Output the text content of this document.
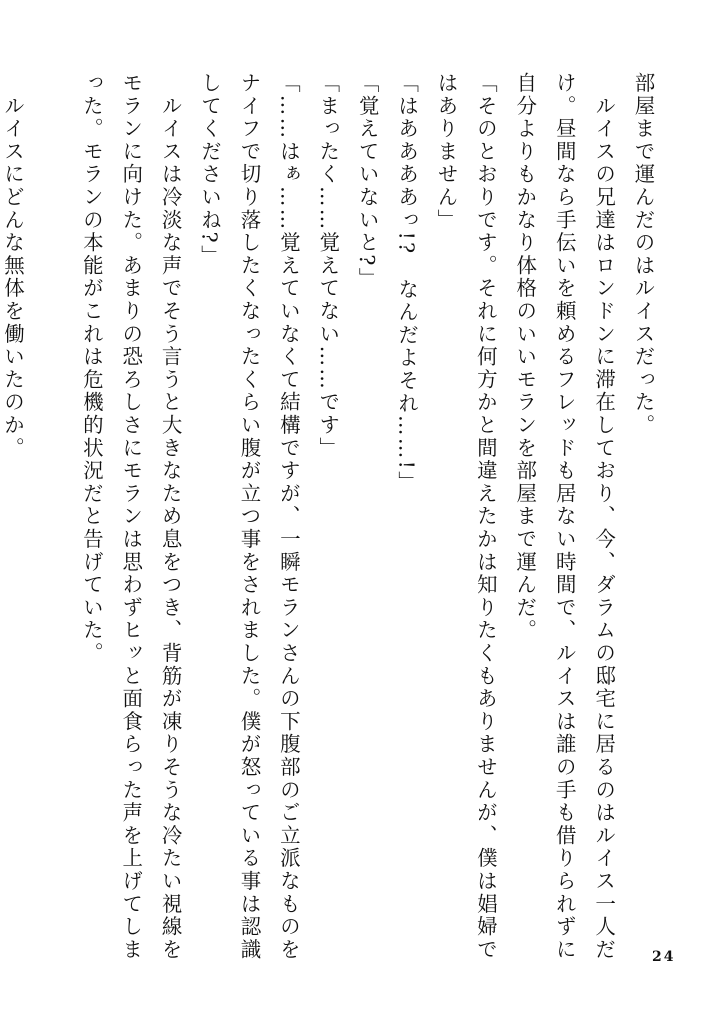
部屋まで運んだのはルイスだった。
　ルイスの兄達はロンドンに滞在しており、今、ダラムの邸宅に居るのはルイス一人だ
け。昼間なら手伝いを頼めるフレッドも居ない時間で、ルイスは誰の手も借りられずに
自分よりもかなり体格のいいモランを部屋まで運んだ。
「そのとおりです。それに何方かと間違えたかは知りたくもありませんが、僕は娼婦で
はありません」
「はああああっ!?　なんだよそれ……!」
「覚えていないと?」
「まったく……覚えてない……です」
「……はぁ……覚えていなくて結構ですが、一瞬モランさんの下腹部のご立派なものを
ナイフで切り落したくなったくらい腹が立つ事をされました。僕が怒っている事は認識
してくださいね?」
　ルイスは冷淡な声でそう言うと大きなため息をつき、背筋が凍りそうな冷たい視線を
モランに向けた。あまりの恐ろしさにモランは思わずヒッと面食らった声を上げてしま
った。モランの本能がこれは危機的状況だと告げていた。
　ルイスにどんな無体を働いたのか。
24
